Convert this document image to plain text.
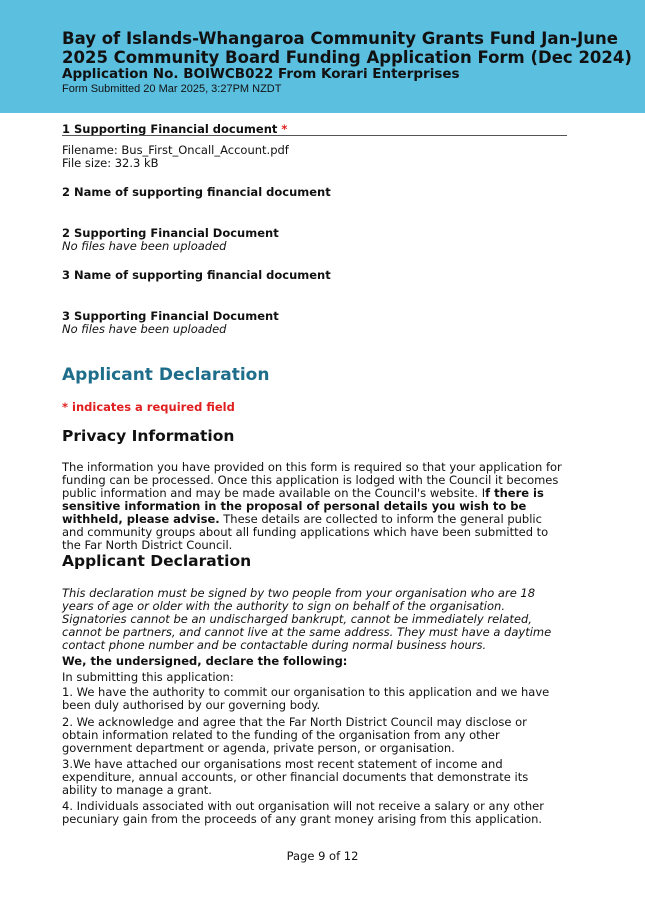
Bay of Islands-Whangaroa Community Grants Fund Jan-June 2025 Community Board Funding Application Form (Dec 2024)
Application No. BOIWCB022 From Korari Enterprises
Form Submitted 20 Mar 2025, 3:27PM NZDT
1 Supporting Financial document *
Filename: Bus_First_Oncall_Account.pdf
File size: 32.3 kB
2 Name of supporting financial document
2 Supporting Financial Document
No files have been uploaded
3 Name of supporting financial document
3 Supporting Financial Document
No files have been uploaded
Applicant Declaration
* indicates a required field
Privacy Information
The information you have provided on this form is required so that your application for funding can be processed. Once this application is lodged with the Council it becomes public information and may be made available on the Council's website. If there is sensitive information in the proposal of personal details you wish to be withheld, please advise. These details are collected to inform the general public and community groups about all funding applications which have been submitted to the Far North District Council.
Applicant Declaration
This declaration must be signed by two people from your organisation who are 18 years of age or older with the authority to sign on behalf of the organisation. Signatories cannot be an undischarged bankrupt, cannot be immediately related, cannot be partners, and cannot live at the same address. They must have a daytime contact phone number and be contactable during normal business hours.
We, the undersigned, declare the following:
In submitting this application:
1. We have the authority to commit our organisation to this application and we have been duly authorised by our governing body.
2. We acknowledge and agree that the Far North District Council may disclose or obtain information related to the funding of the organisation from any other government department or agenda, private person, or organisation.
3.We have attached our organisations most recent statement of income and expenditure, annual accounts, or other financial documents that demonstrate its ability to manage a grant.
4. Individuals associated with out organisation will not receive a salary or any other pecuniary gain from the proceeds of any grant money arising from this application.
Page 9 of 12
